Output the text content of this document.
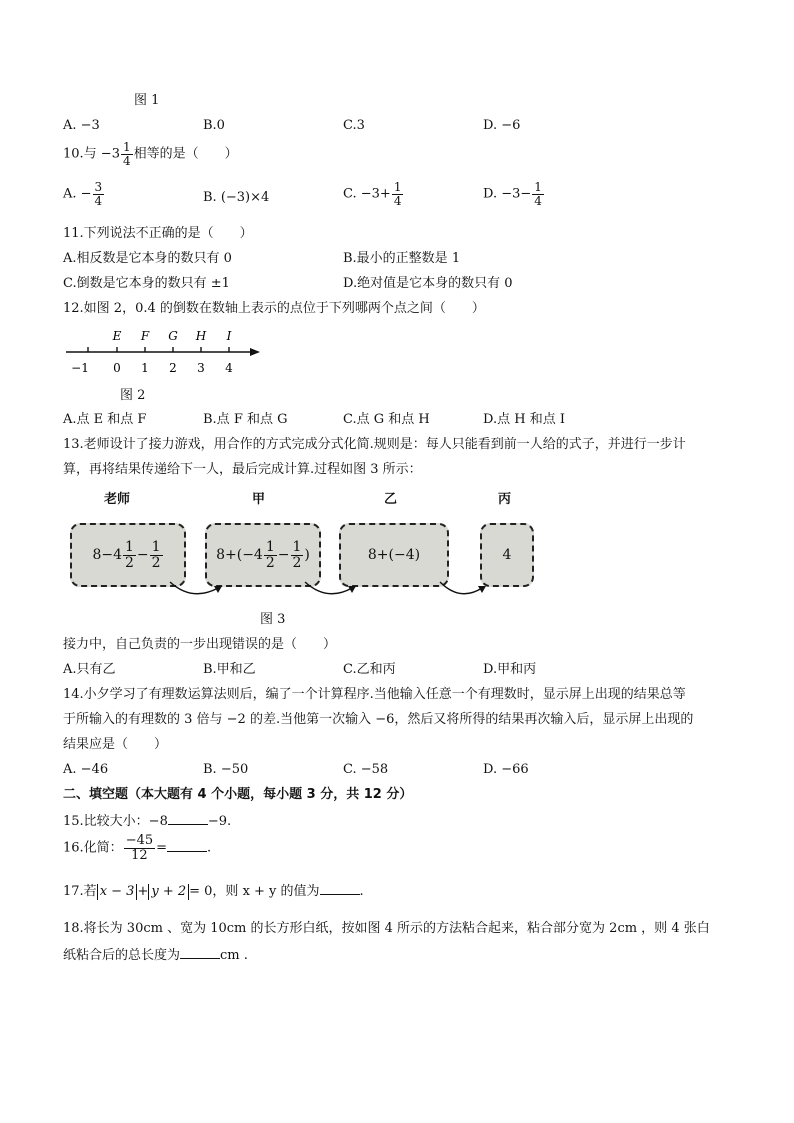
图 1
A. −3	B.0	C.3	D. −6
10.与 $-3 \frac{1}{4}$ 相等的是（　　）
A. − $\frac{3}{4}$	B. (−3)×4	C. $-3+ \frac{1}{4}$	D. $-3- \frac{1}{4}$
11.下列说法不正确的是（　　）
A.相反数是它本身的数只有 0	B.最小的正整数是 1
C.倒数是它本身的数只有 ±1	D.绝对值是它本身的数只有 0
12.如图 2，0.4 的倒数在数轴上表示的点位于下列哪两个点之间（　　）
E F G H I
−1 0 1 2 3 4
图 2
A.点 E 和点 F	B.点 F 和点 G	C.点 G 和点 H	D.点 H 和点 I
13.老师设计了接力游戏，用合作的方式完成分式化简.规则是：每人只能看到前一人给的式子，并进行一步计
算，再将结果传递给下一人，最后完成计算.过程如图 3 所示：
老师	甲	乙	丙
$8-4 \frac{1}{2} - \frac{1}{2}$	$8+(-4 \frac{1}{2} - \frac{1}{2}$ )	8+(−4)	4
图 3
接力中，自己负责的一步出现错误的是（　　）
A.只有乙	B.甲和乙	C.乙和丙	D.甲和丙
14.小夕学习了有理数运算法则后，编了一个计算程序.当他输入任意一个有理数时，显示屏上出现的结果总等
于所输入的有理数的 3 倍与 −2 的差.当他第一次输入 −6，然后又将所得的结果再次输入后，显示屏上出现的
结果应是（　　）
A. −46	B. −50	C. −58	D. −66
二、填空题（本大题有 4 个小题，每小题 3 分，共 12 分）
15.比较大小：−8	−9.
16.化简： $\frac{-45}{12}$ =	.
17.若 x − 3 + y + 2 = 0，则 x + y 的值为	.
18.将长为 30cm 、宽为 10cm 的长方形白纸，按如图 4 所示的方法粘合起来，粘合部分宽为 2cm ，则 4 张白
纸粘合后的总长度为	cm .
